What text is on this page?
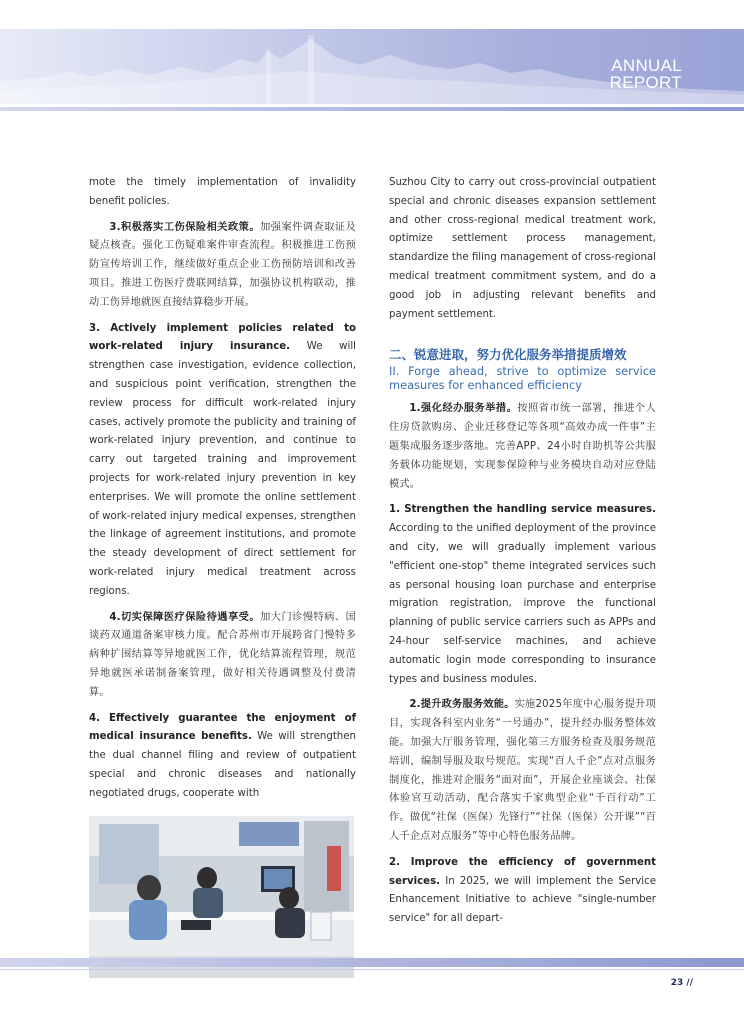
ANNUAL
REPORT

mote the timely implementation of invalidity benefit policies.

3.积极落实工伤保险相关政策。加强案件调查取证及疑点核查。强化工伤疑难案件审查流程。积极推进工伤预防宣传培训工作，继续做好重点企业工伤预防培训和改善项目。推进工伤医疗费联网结算，加强协议机构联动，推动工伤异地就医直接结算稳步开展。

3. Actively implement policies related to work-related injury insurance. We will strengthen case investigation, evidence collection, and suspicious point verification, strengthen the review process for difficult work-related injury cases, actively promote the publicity and training of work-related injury prevention, and continue to carry out targeted training and improvement projects for work-related injury prevention in key enterprises. We will promote the online settlement of work-related injury medical expenses, strengthen the linkage of agreement institutions, and promote the steady development of direct settlement for work-related injury medical treatment across regions.

4.切实保障医疗保险待遇享受。加大门诊慢特病、国谈药双通道备案审核力度。配合苏州市开展跨省门慢特多病种扩围结算等异地就医工作，优化结算流程管理，规范异地就医承诺制备案管理，做好相关待遇调整及付费清算。

4. Effectively guarantee the enjoyment of medical insurance benefits. We will strengthen the dual channel filing and review of outpatient special and chronic diseases and nationally negotiated drugs, cooperate with

Suzhou City to carry out cross-provincial outpatient special and chronic diseases expansion settlement and other cross-regional medical treatment work, optimize settlement process management, standardize the filing management of cross-regional medical treatment commitment system, and do a good job in adjusting relevant benefits and payment settlement.

二、锐意进取，努力优化服务举措提质增效
II. Forge ahead, strive to optimize service measures for enhanced efficiency

1.强化经办服务举措。按照省市统一部署，推进个人住房贷款购房、企业迁移登记等各项“高效办成一件事”主题集成服务逐步落地。完善APP、24小时自助机等公共服务载体功能规划，实现参保险种与业务模块自动对应登陆模式。

1. Strengthen the handling service measures. According to the unified deployment of the province and city, we will gradually implement various "efficient one-stop" theme integrated services such as personal housing loan purchase and enterprise migration registration, improve the functional planning of public service carriers such as APPs and 24-hour self-service machines, and achieve automatic login mode corresponding to insurance types and business modules.

2.提升政务服务效能。实施2025年度中心服务提升项目，实现各科室内业务“一号通办”，提升经办服务整体效能。加强大厅服务管理，强化第三方服务检查及服务规范培训，编制导服及取号规范。实现“百人千企”点对点服务制度化，推进对企服务“面对面”，开展企业座谈会、社保体验官互动活动，配合落实千家典型企业“千百行动”工作。做优“社保（医保）先锋行”“社保（医保）公开课”“百人千企点对点服务”等中心特色服务品牌。

2. Improve the efficiency of government services. In 2025, we will implement the Service Enhancement Initiative to achieve "single-number service" for all depart-

23 //
